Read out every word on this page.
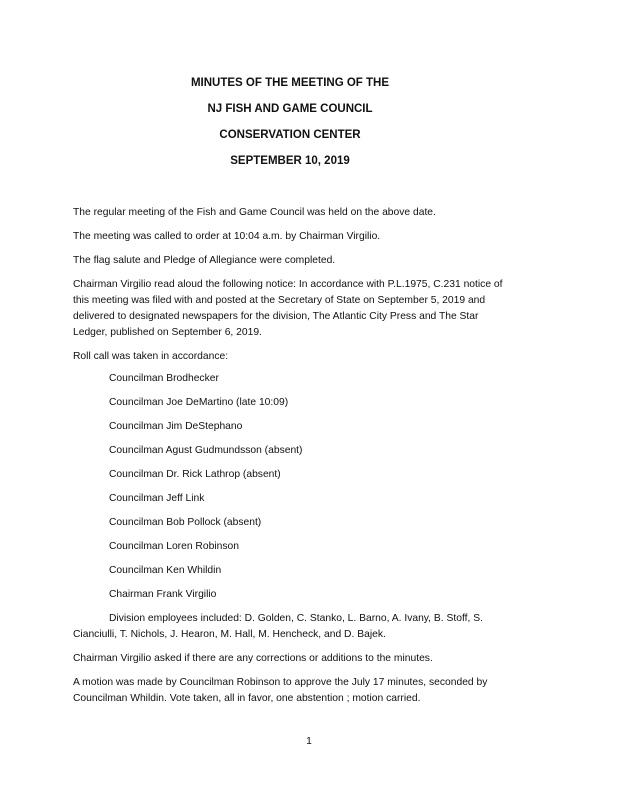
MINUTES OF THE MEETING OF THE
NJ FISH AND GAME COUNCIL
CONSERVATION CENTER
SEPTEMBER 10, 2019

The regular meeting of the Fish and Game Council was held on the above date.

The meeting was called to order at 10:04 a.m. by Chairman Virgilio.

The flag salute and Pledge of Allegiance were completed.

Chairman Virgilio read aloud the following notice: In accordance with P.L.1975, C.231 notice of
this meeting was filed with and posted at the Secretary of State on September 5, 2019 and
delivered to designated newspapers for the division, The Atlantic City Press and The Star
Ledger, published on September 6, 2019.

Roll call was taken in accordance:

Councilman Brodhecker
Councilman Joe DeMartino (late 10:09)
Councilman Jim DeStephano
Councilman Agust Gudmundsson (absent)
Councilman Dr. Rick Lathrop (absent)
Councilman Jeff Link
Councilman Bob Pollock (absent)
Councilman Loren Robinson
Councilman Ken Whildin
Chairman Frank Virgilio

Division employees included: D. Golden, C. Stanko, L. Barno, A. Ivany, B. Stoff, S.
Cianciulli, T. Nichols, J. Hearon, M. Hall, M. Hencheck, and D. Bajek.

Chairman Virgilio asked if there are any corrections or additions to the minutes.

A motion was made by Councilman Robinson to approve the July 17 minutes, seconded by
Councilman Whildin. Vote taken, all in favor, one abstention ; motion carried.

1
